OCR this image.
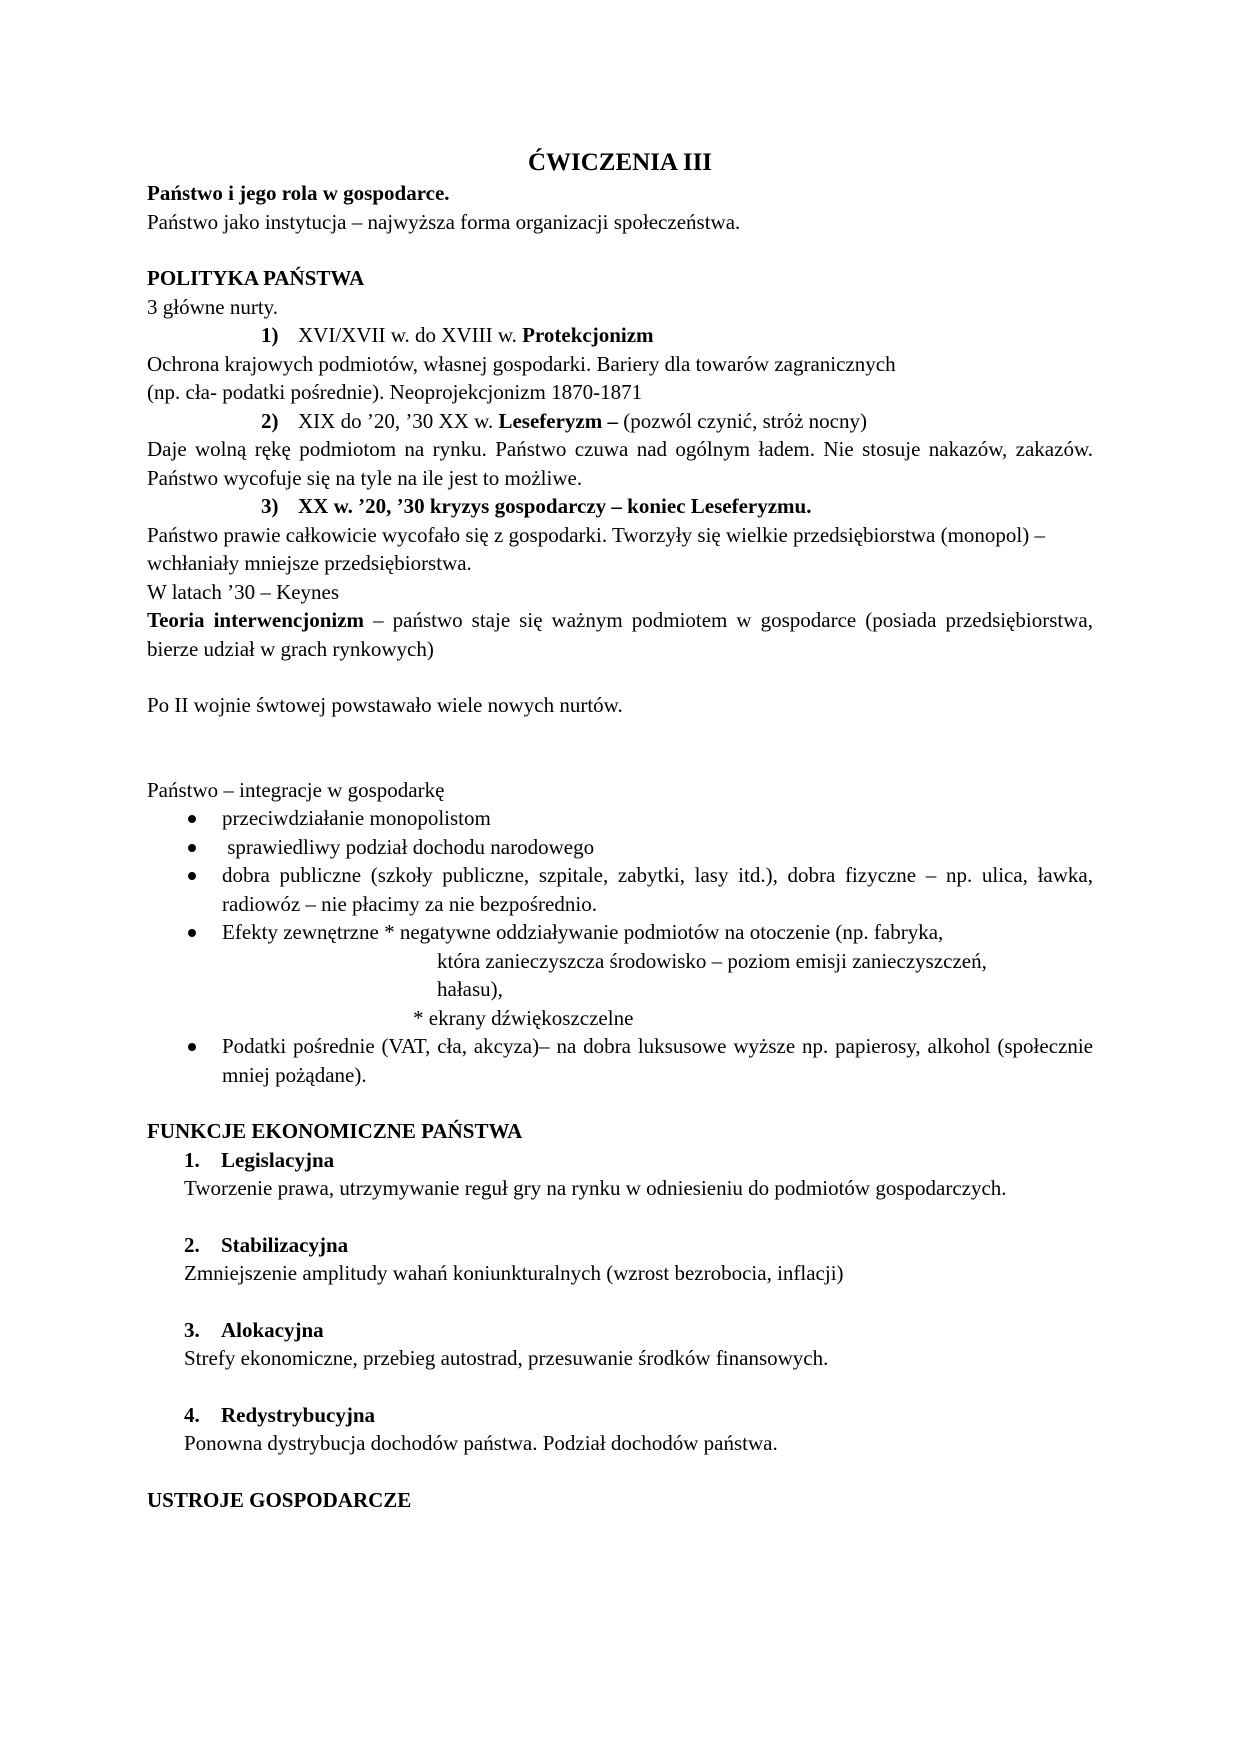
ĆWICZENIA III

Państwo i jego rola w gospodarce.

Państwo jako instytucja – najwyższa forma organizacji społeczeństwa.

POLITYKA PAŃSTWA

3 główne nurty.

1) XVI/XVII w. do XVIII w. Protekcjonizm

Ochrona krajowych podmiotów, własnej gospodarki. Bariery dla towarów zagranicznych

(np. cła- podatki pośrednie). Neoprojekcjonizm 1870-1871

2) XIX do ’20, ’30 XX w. Leseferyzm – (pozwól czynić, stróż nocny)

Daje wolną rękę podmiotom na rynku. Państwo czuwa nad ogólnym ładem. Nie stosuje nakazów, zakazów. Państwo wycofuje się na tyle na ile jest to możliwe.

3) XX w. ’20, ’30 kryzys gospodarczy – koniec Leseferyzmu.

Państwo prawie całkowicie wycofało się z gospodarki. Tworzyły się wielkie przedsiębiorstwa (monopol) – wchłaniały mniejsze przedsiębiorstwa.

W latach ’30 – Keynes

Teoria interwencjonizm – państwo staje się ważnym podmiotem w gospodarce (posiada przedsiębiorstwa, bierze udział w grach rynkowych)

Po II wojnie śwtowej powstawało wiele nowych nurtów.

Państwo – integracje w gospodarkę

przeciwdziałanie monopolistom
sprawiedliwy podział dochodu narodowego
dobra publiczne (szkoły publiczne, szpitale, zabytki, lasy itd.), dobra fizyczne – np. ulica, ławka, radiowóz – nie płacimy za nie bezpośrednio.
Efekty zewnętrzne * negatywne oddziaływanie podmiotów na otoczenie (np. fabryka,
która zanieczyszcza środowisko – poziom emisji zanieczyszczeń,
hałasu),
* ekrany dźwiękoszczelne
Podatki pośrednie (VAT, cła, akcyza)– na dobra luksusowe wyższe np. papierosy, alkohol (społecznie mniej pożądane).

FUNKCJE EKONOMICZNE PAŃSTWA

1.	Legislacyjna

Tworzenie prawa, utrzymywanie reguł gry na rynku w odniesieniu do podmiotów gospodarczych.

2.	Stabilizacyjna

Zmniejszenie amplitudy wahań koniunkturalnych (wzrost bezrobocia, inflacji)

3.	Alokacyjna

Strefy ekonomiczne, przebieg autostrad, przesuwanie środków finansowych.

4.	Redystrybucyjna

Ponowna dystrybucja dochodów państwa. Podział dochodów państwa.

USTROJE GOSPODARCZE
